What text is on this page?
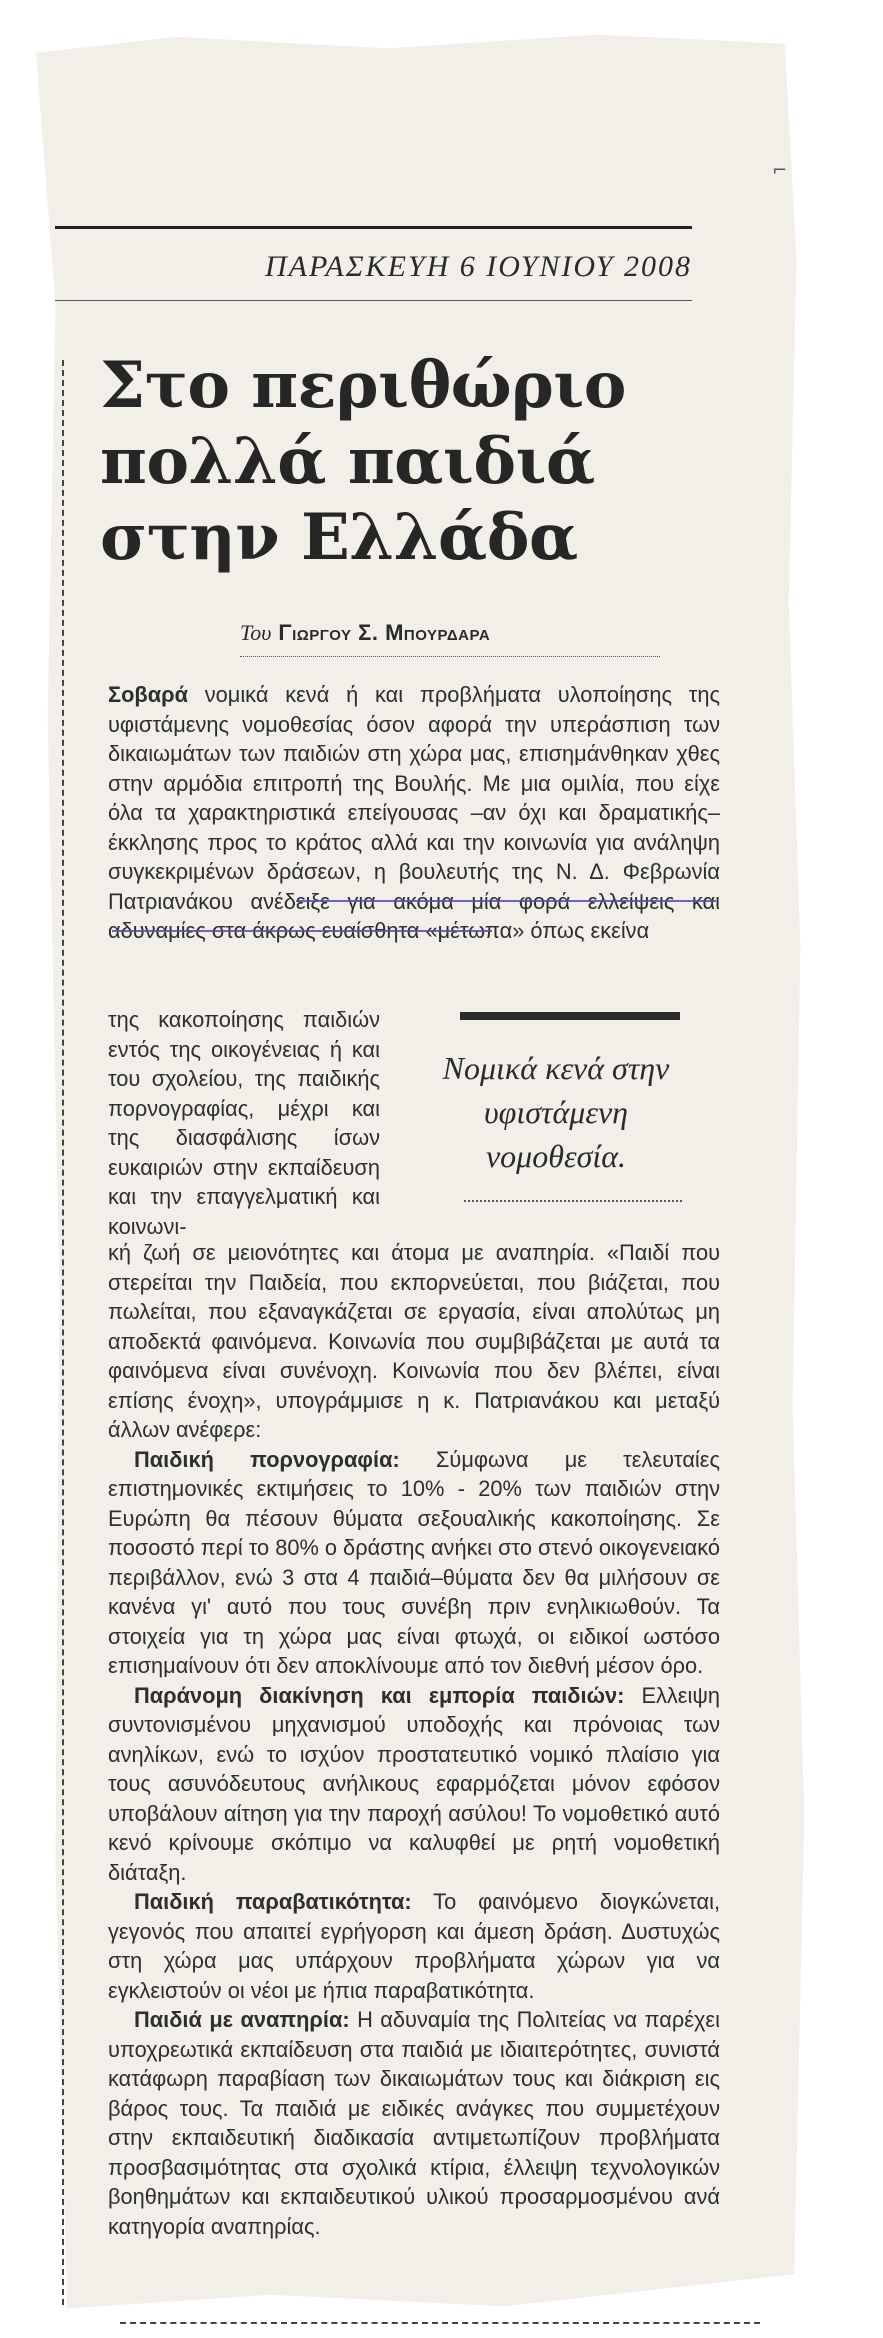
⌐
ΠΑΡΑΣΚΕΥΗ 6 ΙΟΥΝΙΟΥ 2008
Στο περιθώριο
πολλά παιδιά
στην Ελλάδα
Του Γιωργου Σ. Μπουρδαρα

Σοβαρά νομικά κενά ή και προβλήματα υλοποίησης της υφιστάμενης νομοθεσίας όσον αφορά την υπεράσπιση των δικαιωμάτων των παιδιών στη χώρα μας, επισημάνθηκαν χθες στην αρμόδια επιτροπή της Βουλής. Με μια ομιλία, που είχε όλα τα χαρακτηριστικά επείγουσας –αν όχι και δραματικής– έκκλησης προς το κράτος αλλά και την κοινωνία για ανάληψη συγκεκριμένων δράσεων, η βουλευτής της Ν. Δ. Φεβρωνία Πατριανάκου ανέδειξε για ακόμα μία φορά ελλείψεις και αδυναμίες στα άκρως ευαίσθητα «μέτωπα» όπως εκείνα

της κακοποίησης παιδιών εντός της οικογένειας ή και του σχολείου, της παιδικής πορνογραφίας, μέχρι και της διασφάλισης ίσων ευκαιριών στην εκπαίδευση και την επαγγελματική και κοινωνι-

Νομικά κενά στην υφιστάμενη νομοθεσία.

κή ζωή σε μειονότητες και άτομα με αναπηρία. «Παιδί που στερείται την Παιδεία, που εκπορνεύεται, που βιάζεται, που πωλείται, που εξαναγκάζεται σε εργασία, είναι απολύτως μη αποδεκτά φαινόμενα. Κοινωνία που συμβιβάζεται με αυτά τα φαινόμενα είναι συνένοχη. Κοινωνία που δεν βλέπει, είναι επίσης ένοχη», υπογράμμισε η κ. Πατριανάκου και μεταξύ άλλων ανέφερε:

Παιδική πορνογραφία: Σύμφωνα με τελευταίες επιστημονικές εκτιμήσεις το 10% - 20% των παιδιών στην Ευρώπη θα πέσουν θύματα σεξουαλικής κακοποίησης. Σε ποσοστό περί το 80% ο δράστης ανήκει στο στενό οικογενειακό περιβάλλον, ενώ 3 στα 4 παιδιά–θύματα δεν θα μιλήσουν σε κανένα γι' αυτό που τους συνέβη πριν ενηλικιωθούν. Τα στοιχεία για τη χώρα μας είναι φτωχά, οι ειδικοί ωστόσο επισημαίνουν ότι δεν αποκλίνουμε από τον διεθνή μέσον όρο.

Παράνομη διακίνηση και εμπορία παιδιών: Ελλειψη συντονισμένου μηχανισμού υποδοχής και πρόνοιας των ανηλίκων, ενώ το ισχύον προστατευτικό νομικό πλαίσιο για τους ασυνόδευτους ανήλικους εφαρμόζεται μόνον εφόσον υποβάλουν αίτηση για την παροχή ασύλου! Το νομοθετικό αυτό κενό κρίνουμε σκόπιμο να καλυφθεί με ρητή νομοθετική διάταξη.

Παιδική παραβατικότητα: Το φαινόμενο διογκώνεται, γεγονός που απαιτεί εγρήγορση και άμεση δράση. Δυστυχώς στη χώρα μας υπάρχουν προβλήματα χώρων για να εγκλειστούν οι νέοι με ήπια παραβατικότητα.

Παιδιά με αναπηρία: Η αδυναμία της Πολιτείας να παρέχει υποχρεωτικά εκπαίδευση στα παιδιά με ιδιαιτερότητες, συνιστά κατάφωρη παραβίαση των δικαιωμάτων τους και διάκριση εις βάρος τους. Τα παιδιά με ειδικές ανάγκες που συμμετέχουν στην εκπαιδευτική διαδικασία αντιμετωπίζουν προβλήματα προσβασιμότητας στα σχολικά κτίρια, έλλειψη τεχνολογικών βοηθημάτων και εκπαιδευτικού υλικού προσαρμοσμένου ανά κατηγορία αναπηρίας.
